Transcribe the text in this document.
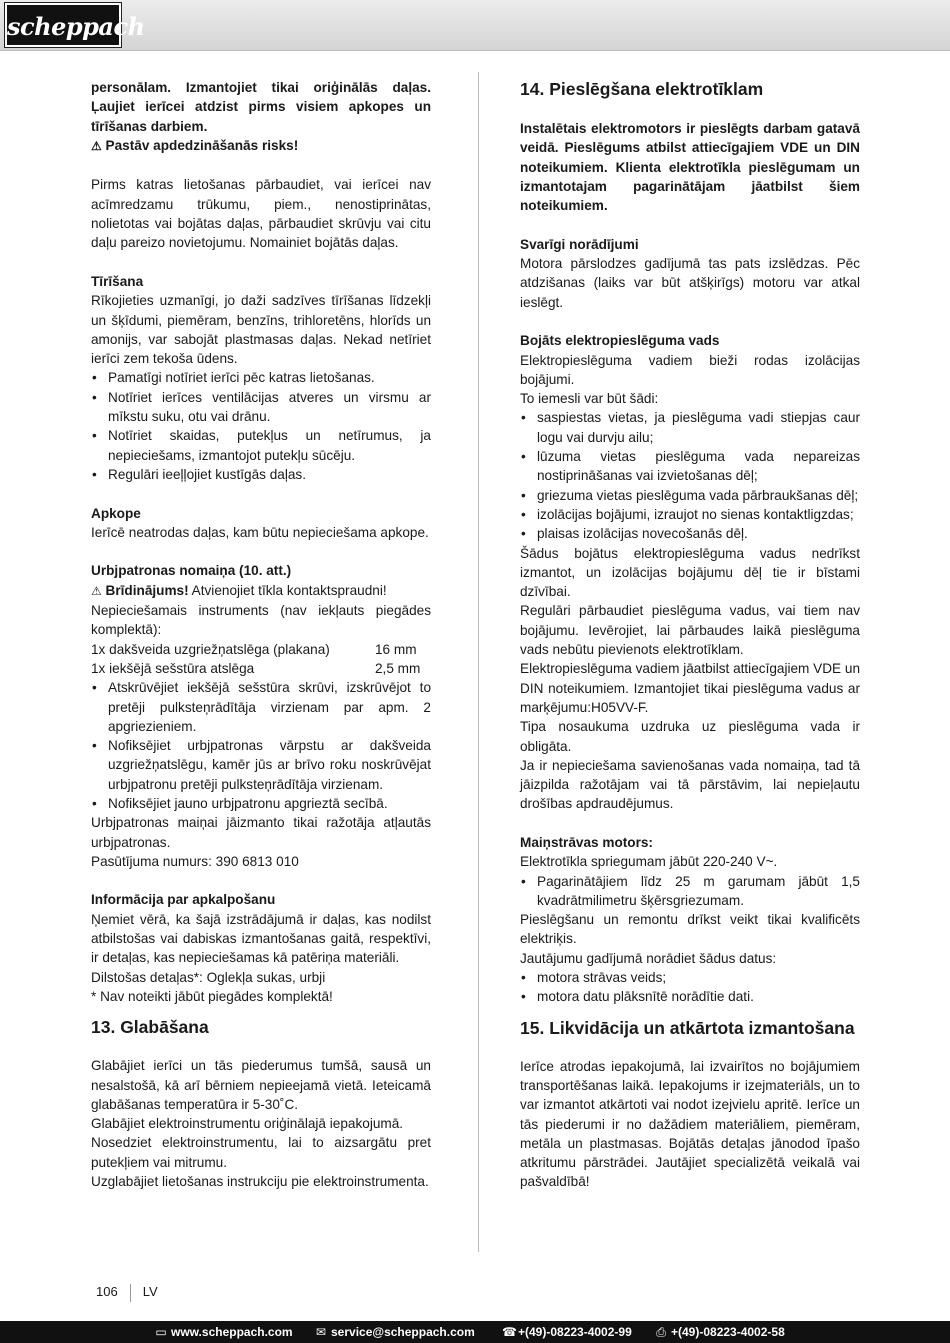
scheppach

personālam. Izmantojiet tikai oriģinālās daļas. Ļaujiet ierīcei atdzist pirms visiem apkopes un tīrīšanas darbiem.

⚠ Pastāv apdedzināšanās risks!

Pirms katras lietošanas pārbaudiet, vai ierīcei nav acīmredzamu trūkumu, piem., nenostiprinātas, nolietotas vai bojātas daļas, pārbaudiet skrūvju vai citu daļu pareizo novietojumu. Nomainiet bojātās daļas.

Tīrīšana

Rīkojieties uzmanīgi, jo daži sadzīves tīrīšanas līdzekļi un šķīdumi, piemēram, benzīns, trihloretēns, hlorīds un amonijs, var sabojāt plastmasas daļas. Nekad netīriet ierīci zem tekoša ūdens.

• Pamatīgi notīriet ierīci pēc katras lietošanas.
• Notīriet ierīces ventilācijas atveres un virsmu ar mīkstu suku, otu vai drānu.
• Notīriet skaidas, putekļus un netīrumus, ja nepieciešams, izmantojot putekļu sūcēju.
• Regulāri ieeļļojiet kustīgās daļas.

Apkope

Ierīcē neatrodas daļas, kam būtu nepieciešama apkope.

Urbjpatronas nomaiņa (10. att.)

⚠ Brīdinājums! Atvienojiet tīkla kontaktspraudni!

Nepieciešamais instruments (nav iekļauts piegādes komplektā):

1x dakšveida uzgriežņatslēga (plakana)	16 mm
1x iekšējā sešstūra atslēga	2,5 mm
• Atskrūvējiet iekšējā sešstūra skrūvi, izskrūvējot to pretēji pulksteņrādītāja virzienam par apm. 2 apgriezieniem.
• Nofiksējiet urbjpatronas vārpstu ar dakšveida uzgriežņatslēgu, kamēr jūs ar brīvo roku noskrūvējat urbjpatronu pretēji pulksteņrādītāja virzienam.
• Nofiksējiet jauno urbjpatronu apgrieztā secībā.

Urbjpatronas maiņai jāizmanto tikai ražotāja atļautās urbjpatronas.

Pasūtījuma numurs: 390 6813 010

Informācija par apkalpošanu

Ņemiet vērā, ka šajā izstrādājumā ir daļas, kas nodilst atbilstošas vai dabiskas izmantošanas gaitā, respektīvi, ir detaļas, kas nepieciešamas kā patēriņa materiāli.

Dilstošas detaļas*: Oglekļa sukas, urbji

* Nav noteikti jābūt piegādes komplektā!

13. Glabāšana

Glabājiet ierīci un tās piederumus tumšā, sausā un nesalstošā, kā arī bērniem nepieejamā vietā. Ieteicamā glabāšanas temperatūra ir 5-30˚C.

Glabājiet elektroinstrumentu oriģinālajā iepakojumā.

Nosedziet elektroinstrumentu, lai to aizsargātu pret putekļiem vai mitrumu.

Uzglabājiet lietošanas instrukciju pie elektroinstrumenta.

14. Pieslēgšana elektrotīklam

Instalētais elektromotors ir pieslēgts darbam gatavā veidā. Pieslēgums atbilst attiecīgajiem VDE un DIN noteikumiem. Klienta elektrotīkla pieslēgumam un izmantotajam pagarinātājam jāatbilst šiem noteikumiem.

Svarīgi norādījumi

Motora pārslodzes gadījumā tas pats izslēdzas. Pēc atdzišanas (laiks var būt atšķirīgs) motoru var atkal ieslēgt.

Bojāts elektropieslēguma vads

Elektropieslēguma vadiem bieži rodas izolācijas bojājumi.

To iemesli var būt šādi:

• saspiestas vietas, ja pieslēguma vadi stiepjas caur logu vai durvju ailu;
• lūzuma vietas pieslēguma vada nepareizas nostiprināšanas vai izvietošanas dēļ;
• griezuma vietas pieslēguma vada pārbraukšanas dēļ;
• izolācijas bojājumi, izraujot no sienas kontaktligzdas;
• plaisas izolācijas novecošanās dēļ.

Šādus bojātus elektropieslēguma vadus nedrīkst izmantot, un izolācijas bojājumu dēļ tie ir bīstami dzīvībai.

Regulāri pārbaudiet pieslēguma vadus, vai tiem nav bojājumu. Ievērojiet, lai pārbaudes laikā pieslēguma vads nebūtu pievienots elektrotīklam.

Elektropieslēguma vadiem jāatbilst attiecīgajiem VDE un DIN noteikumiem. Izmantojiet tikai pieslēguma vadus ar marķējumu:H05VV-F.

Tipa nosaukuma uzdruka uz pieslēguma vada ir obligāta.

Ja ir nepieciešama savienošanas vada nomaiņa, tad tā jāizpilda ražotājam vai tā pārstāvim, lai nepieļautu drošības apdraudējumus.

Maiņstrāvas motors:

Elektrotīkla spriegumam jābūt 220-240 V~.

• Pagarinātājiem līdz 25 m garumam jābūt 1,5 kvadrātmilimetru šķērsgriezumam.

Pieslēgšanu un remontu drīkst veikt tikai kvalificēts elektriķis.

Jautājumu gadījumā norādiet šādus datus:

• motora strāvas veids;
• motora datu plāksnītē norādītie dati.
15. Likvidācija un atkārtota izmantošana

Ierīce atrodas iepakojumā, lai izvairītos no bojājumiem transportēšanas laikā. Iepakojums ir izejmateriāls, un to var izmantot atkārtoti vai nodot izejvielu apritē. Ierīce un tās piederumi ir no dažādiem materiāliem, piemēram, metāla un plastmasas. Bojātās detaļas jānodod īpašo atkritumu pārstrādei. Jautājiet specializētā veikalā vai pašvaldībā!

106 LV
▭ www.scheppach.com ✉ service@scheppach.com ☎+(49)-08223-4002-99 ⎙ +(49)-08223-4002-58
